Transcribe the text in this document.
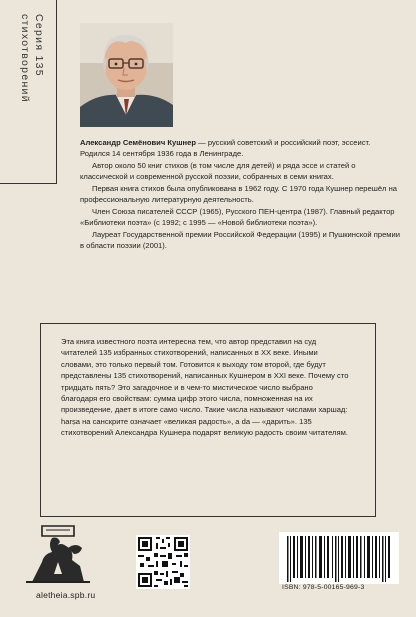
Серия 135
стихотворений

Александр Семёнович Кушнер — русский советский и российский поэт, эссеист. Родился 14 сентября 1936 года в Ленинграде.

Автор около 50 книг стихов (в том числе для детей) и ряда эссе и статей о классической и современной русской поэзии, собранных в семи книгах.

Первая книга стихов была опубликована в 1962 году. С 1970 года Кушнер перешёл на профессиональную литературную деятельность.

Член Союза писателей СССР (1965), Русского ПЕН-центра (1987). Главный редактор «Библиотеки поэта» (с 1992; с 1995 — «Новой библиотеки поэта»).

Лауреат Государственной премии Российской Федерации (1995) и Пушкинской премии в области поэзии (2001).

Эта книга известного поэта интересна тем, что автор представил на суд читателей 135 избранных стихотворений, написанных в XX веке. Иными словами, это только первый том. Готовится к выходу том второй, где будут представлены 135 стихотворений, написанных Кушнером в XXI веке. Почему сто тридцать пять? Это загадочное и в чем-то мистическое число выбрано благодаря его свойствам: сумма цифр этого числа, помноженная на их произведение, дает в итоге само число. Такие числа называют числами харшад: harṣa на санскрите означает «великая радость», а da — «дарить». 135 стихотворений Александра Кушнера подарят великую радость своим читателям.
ISBN: 978-5-00165-969-3
aletheia.spb.ru
